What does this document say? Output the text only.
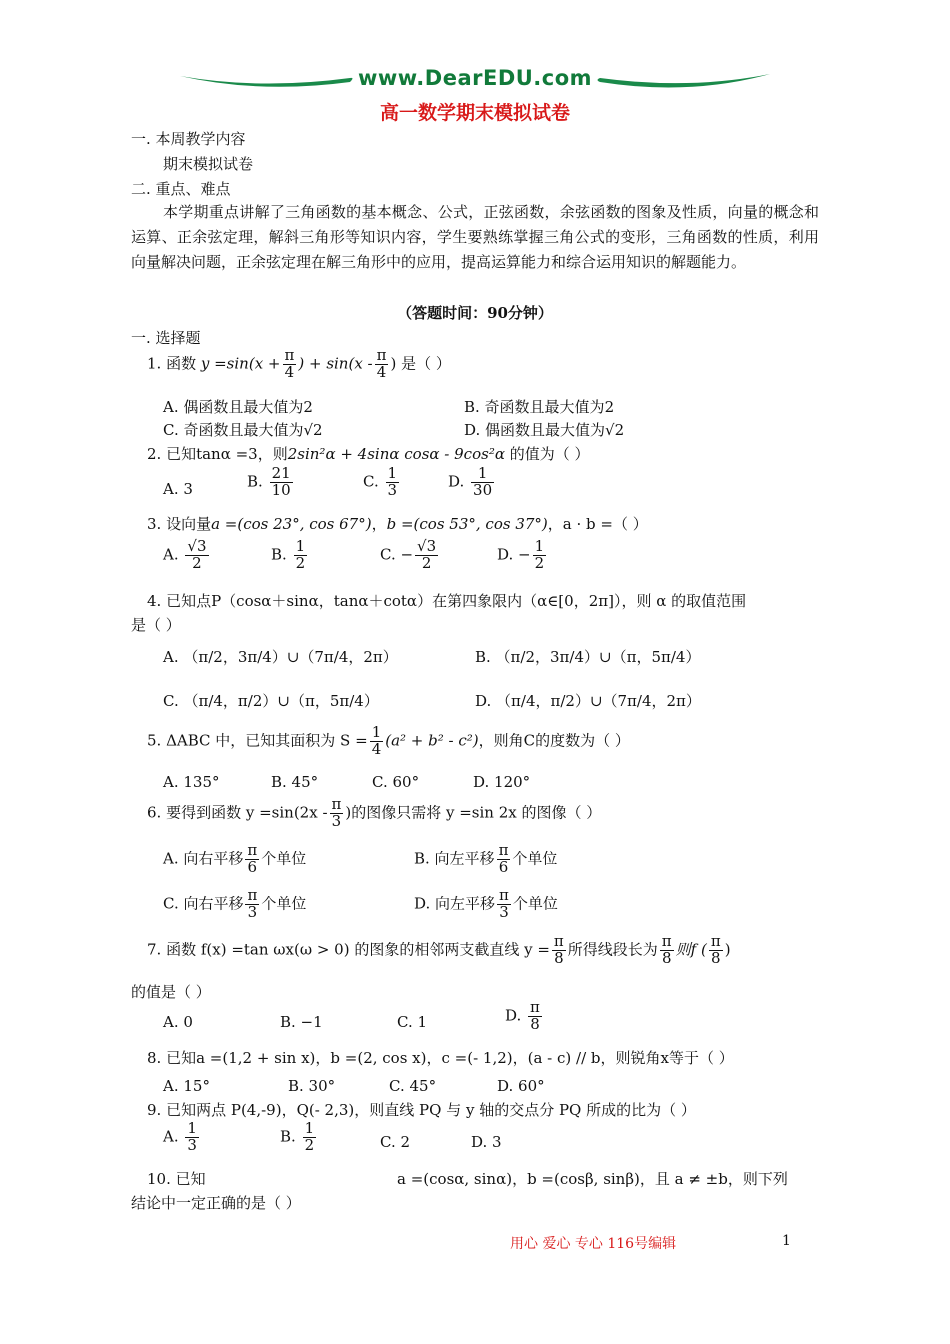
www.DearEDU.com
高一数学期末模拟试卷
一. 本周教学内容
期末模拟试卷
二. 重点、难点
本学期重点讲解了三角函数的基本概念、公式，正弦函数，余弦函数的图象及性质，向量的概念和运算、正余弦定理，解斜三角形等知识内容，学生要熟练掌握三角公式的变形，三角函数的性质，利用向量解决问题，正余弦定理在解三角形中的应用，提高运算能力和综合运用知识的解题能力。
（答题时间：90分钟）
一. 选择题
1. 函数 $y =\sin(x + \frac{\pi}{4}$ ) + $\sin(x - \frac{\pi}{4}$ ) 是（ ）
A. 偶函数且最大值为2	B. 奇函数且最大值为2
C. 奇函数且最大值为√2	D. 偶函数且最大值为√2
2. 已知tanα =3，则2sin²α + 4sinα cosα - 9cos²α 的值为（ ）
A. 3	B. $\frac{21}{10}$	C. $\frac{1}{3}$	D. $\frac{1}{30}$
3. 设向量a =(cos 23°, cos 67°)，b =(cos 53°, cos 37°)，a · b =（ ）
A. $\frac{√3}{2}$	B. $\frac{1}{2}$	C. − $\frac{√3}{2}$	D. − $\frac{1}{2}$
4. 已知点P（cosα＋sinα，tanα＋cotα）在第四象限内（α∈[0，2π]），则 α 的取值范围
是（ ）
A. （π/2，3π/4）∪（7π/4，2π）	B. （π/2，3π/4）∪（π，5π/4）
C. （π/4，π/2）∪（π，5π/4）	D. （π/4，π/2）∪（7π/4，2π）
5. ΔABC 中，已知其面积为 $S = \frac{1}{4} (a^2 + b^2 - c^2)$，则角C的度数为（ ）
A. 135°	B. 45°	C. 60°	D. 120°
6. 要得到函数 $y =\sin(2x - \frac{\pi}{3}$ )的图像只需将 y =sin 2x 的图像（ ）
A. 向右平移 $\frac{\pi}{6}$ 个单位	B. 向左平移 $\frac{\pi}{6}$ 个单位
C. 向右平移 $\frac{\pi}{3}$ 个单位	D. 向左平移 $\frac{\pi}{3}$ 个单位
7. 函数 f(x) =tan ωx(ω > 0) 的图象的相邻两支截直线 $y = \frac{\pi}{8}$ 所得线段长为 $\frac{\pi}{8}$ 则f ( $\frac{\pi}{8}$ )
的值是（ ）
A. 0	B. −1	C. 1	D. $\frac{\pi}{8}$
8. 已知a =(1,2 + sin x)，b =(2, cos x)，c =(- 1,2)，(a - c) // b，则锐角x等于（ ）
A. 15°	B. 30°	C. 45°	D. 60°
9. 已知两点 P(4,-9)，Q(- 2,3)，则直线 PQ 与 y 轴的交点分 PQ 所成的比为（ ）
A. $\frac{1}{3}$	B. $\frac{1}{2}$	C. 2	D. 3
10. 已知	a =(cosα, sinα)，b =(cosβ, sinβ)，且 a ≠ ±b，则下列
结论中一定正确的是（ ）
用心 爱心 专心 116号编辑	1
